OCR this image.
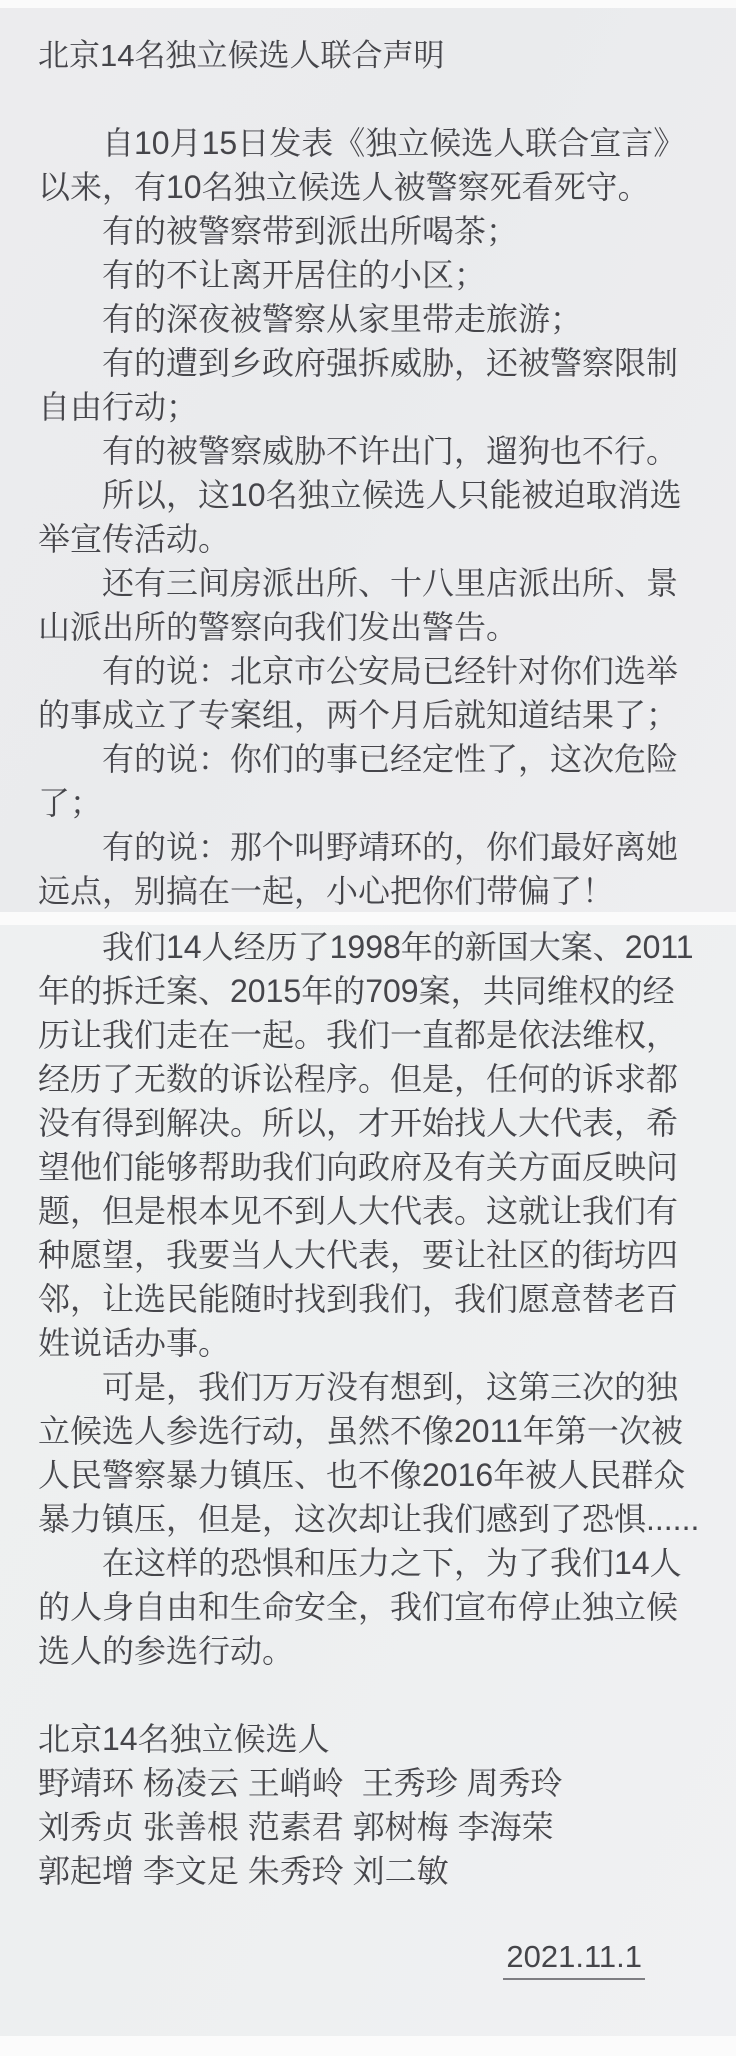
北京14名独立候选人联合声明
自10月15日发表《独立候选人联合宣言》
以来，有10名独立候选人被警察死看死守。
有的被警察带到派出所喝茶；
有的不让离开居住的小区；
有的深夜被警察从家里带走旅游；
有的遭到乡政府强拆威胁，还被警察限制
自由行动；
有的被警察威胁不许出门，遛狗也不行。
所以，这10名独立候选人只能被迫取消选
举宣传活动。
还有三间房派出所、十八里店派出所、景
山派出所的警察向我们发出警告。
有的说：北京市公安局已经针对你们选举
的事成立了专案组，两个月后就知道结果了；
有的说：你们的事已经定性了，这次危险
了；
有的说：那个叫野靖环的，你们最好离她
远点，别搞在一起，小心把你们带偏了！
我们14人经历了1998年的新国大案、2011
年的拆迁案、2015年的709案，共同维权的经
历让我们走在一起。我们一直都是依法维权，
经历了无数的诉讼程序。但是，任何的诉求都
没有得到解决。所以，才开始找人大代表，希
望他们能够帮助我们向政府及有关方面反映问
题，但是根本见不到人大代表。这就让我们有
种愿望，我要当人大代表，要让社区的街坊四
邻，让选民能随时找到我们，我们愿意替老百
姓说话办事。
可是，我们万万没有想到，这第三次的独
立候选人参选行动，虽然不像2011年第一次被
人民警察暴力镇压、也不像2016年被人民群众
暴力镇压，但是，这次却让我们感到了恐惧......
在这样的恐惧和压力之下，为了我们14人
的人身自由和生命安全，我们宣布停止独立候
选人的参选行动。
北京14名独立候选人
野靖环 杨凌云 王峭岭  王秀珍 周秀玲
刘秀贞 张善根 范素君 郭树梅 李海荣
郭起增 李文足 朱秀玲 刘二敏
2021.11.1
